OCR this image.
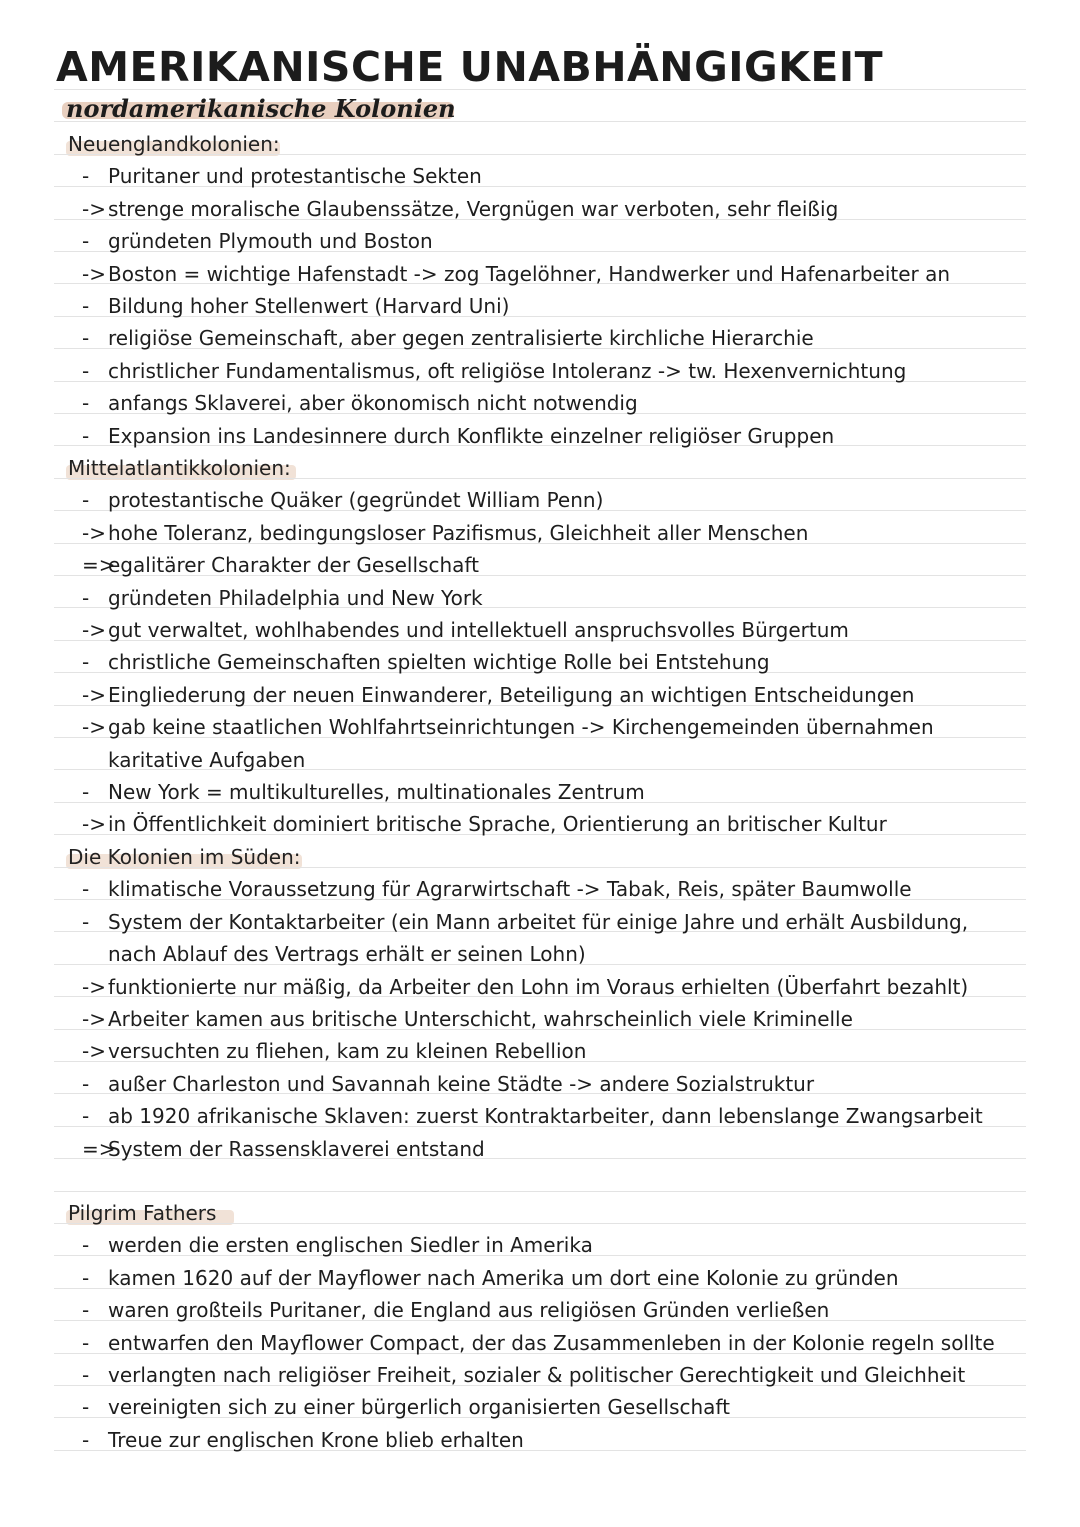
AMERIKANISCHE UNABHÄNGIGKEIT
nordamerikanische Kolonien
Neuenglandkolonien:
- Puritaner und protestantische Sekten
-> strenge moralische Glaubenssätze, Vergnügen war verboten, sehr fleißig
- gründeten Plymouth und Boston
-> Boston = wichtige Hafenstadt -> zog Tagelöhner, Handwerker und Hafenarbeiter an
- Bildung hoher Stellenwert (Harvard Uni)
- religiöse Gemeinschaft, aber gegen zentralisierte kirchliche Hierarchie
- christlicher Fundamentalismus, oft religiöse Intoleranz -> tw. Hexenvernichtung
- anfangs Sklaverei, aber ökonomisch nicht notwendig
- Expansion ins Landesinnere durch Konflikte einzelner religiöser Gruppen
Mittelatlantikkolonien:
- protestantische Quäker (gegründet William Penn)
-> hohe Toleranz, bedingungsloser Pazifismus, Gleichheit aller Menschen
=>egalitärer Charakter der Gesellschaft
- gründeten Philadelphia und New York
-> gut verwaltet, wohlhabendes und intellektuell anspruchsvolles Bürgertum
- christliche Gemeinschaften spielten wichtige Rolle bei Entstehung
-> Eingliederung der neuen Einwanderer, Beteiligung an wichtigen Entscheidungen
-> gab keine staatlichen Wohlfahrtseinrichtungen -> Kirchengemeinden übernahmen
karitative Aufgaben
- New York = multikulturelles, multinationales Zentrum
-> in Öffentlichkeit dominiert britische Sprache, Orientierung an britischer Kultur
Die Kolonien im Süden:
- klimatische Voraussetzung für Agrarwirtschaft -> Tabak, Reis, später Baumwolle
- System der Kontaktarbeiter (ein Mann arbeitet für einige Jahre und erhält Ausbildung,
nach Ablauf des Vertrags erhält er seinen Lohn)
-> funktionierte nur mäßig, da Arbeiter den Lohn im Voraus erhielten (Überfahrt bezahlt)
-> Arbeiter kamen aus britische Unterschicht, wahrscheinlich viele Kriminelle
-> versuchten zu fliehen, kam zu kleinen Rebellion
- außer Charleston und Savannah keine Städte -> andere Sozialstruktur
- ab 1920 afrikanische Sklaven: zuerst Kontraktarbeiter, dann lebenslange Zwangsarbeit
=>System der Rassensklaverei entstand
Pilgrim Fathers
- werden die ersten englischen Siedler in Amerika
- kamen 1620 auf der Mayflower nach Amerika um dort eine Kolonie zu gründen
- waren großteils Puritaner, die England aus religiösen Gründen verließen
- entwarfen den Mayflower Compact, der das Zusammenleben in der Kolonie regeln sollte
- verlangten nach religiöser Freiheit, sozialer & politischer Gerechtigkeit und Gleichheit
- vereinigten sich zu einer bürgerlich organisierten Gesellschaft
- Treue zur englischen Krone blieb erhalten
